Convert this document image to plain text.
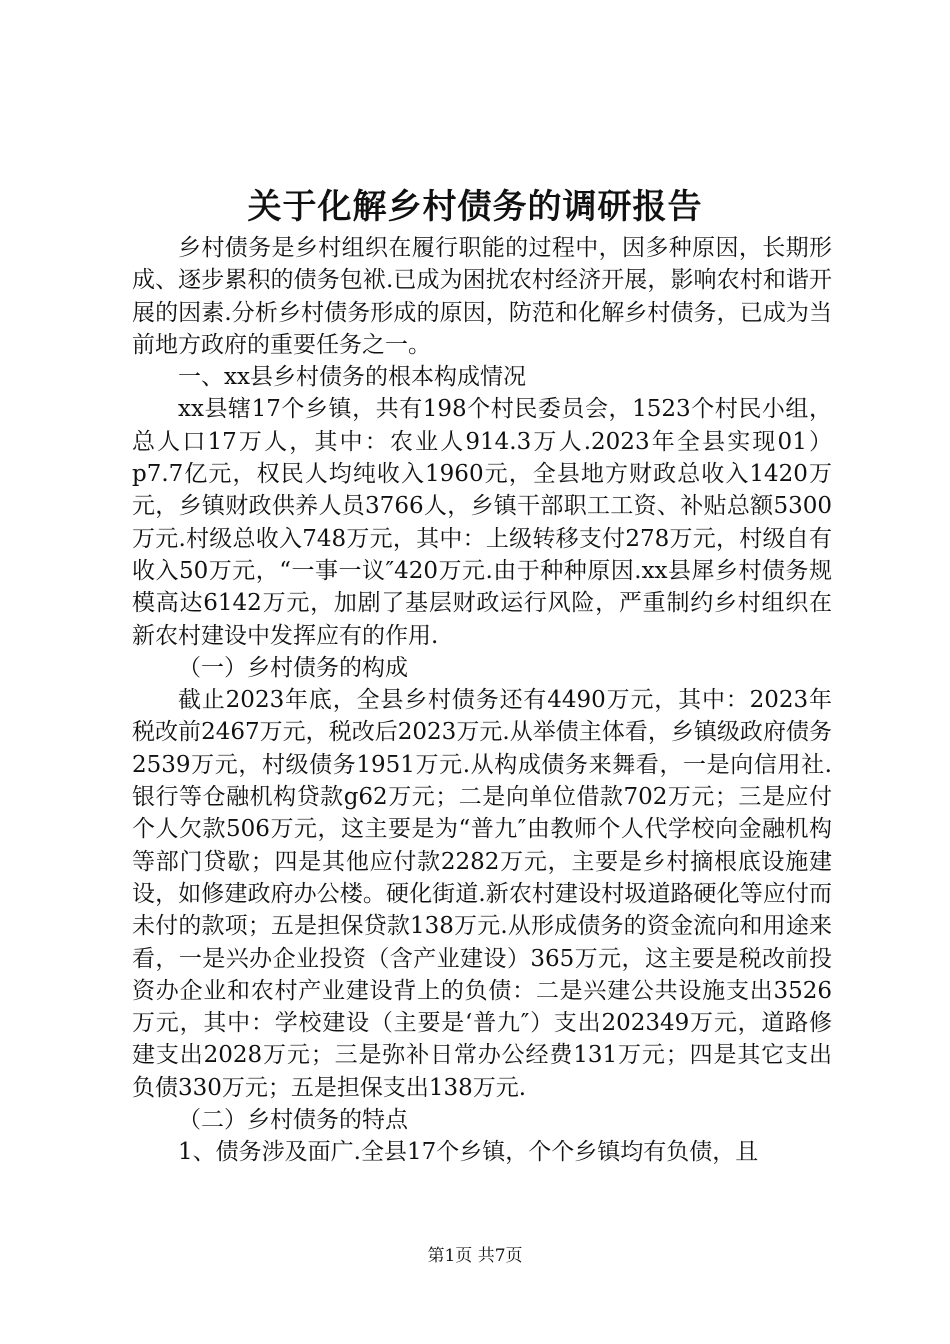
关于化解乡村债务的调研报告

乡村债务是乡村组织在履行职能的过程中，因多种原因，长期形成、逐步累积的债务包袱.已成为困扰农村经济开展，影响农村和谐开展的因素.分析乡村债务形成的原因，防范和化解乡村债务，已成为当前地方政府的重要任务之一。

一、xx县乡村债务的根本构成情况

xx县辖17个乡镇，共有198个村民委员会，1523个村民小组，总人口17万人，其中：农业人914.3万人.2023年全县实现01）p7.7亿元，权民人均纯收入1960元，全县地方财政总收入1420万元，乡镇财政供养人员3766人，乡镇干部职工工资、补贴总额5300万元.村级总收入748万元，其中：上级转移支付278万元，村级自有收入50万元，“一事一议″420万元.由于种种原因.xx县犀乡村债务规模高达6142万元，加剧了基层财政运行风险，严重制约乡村组织在新农村建设中发挥应有的作用.

（一）乡村债务的构成

截止2023年底，全县乡村债务还有4490万元，其中：2023年税改前2467万元，税改后2023万元.从举债主体看，乡镇级政府债务2539万元，村级债务1951万元.从构成债务来舞看，一是向信用社.银行等仓融机构贷款g62万元；二是向单位借款702万元；三是应付个人欠款506万元，这主要是为“普九″由教师个人代学校向金融机构等部门贷歇；四是其他应付款2282万元，主要是乡村摘根底设施建设，如修建政府办公楼。硬化街道.新农村建设村圾道路硬化等应付而未付的款项；五是担保贷款138万元.从形成债务的资金流向和用途来看，一是兴办企业投资（含产业建设）365万元，这主要是税改前投资办企业和农村产业建设背上的负债：二是兴建公共设施支出3526万元，其中：学校建设（主要是‘普九″）支出202349万元，道路修建支出2028万元；三是弥补日常办公经费131万元；四是其它支出负债330万元；五是担保支出138万元.

（二）乡村债务的特点

1、债务涉及面广.全县17个乡镇，个个乡镇均有负债，且

第1页 共7页
